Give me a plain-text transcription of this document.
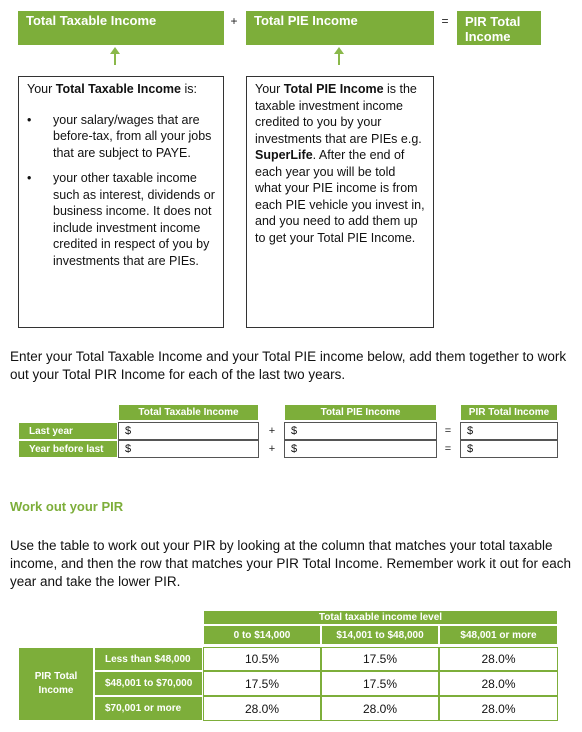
Total Taxable Income	+	Total PIE Income	=	PIR Total Income
Your Total Taxable Income is:
• your salary/wages that are before-tax, from all your jobs that are subject to PAYE.
• your other taxable income such as interest, dividends or business income. It does not include investment income credited in respect of you by investments that are PIEs.
Your Total PIE Income is the taxable investment income credited to you by your investments that are PIEs e.g. SuperLife. After the end of each year you will be told what your PIE income is from each PIE vehicle you invest in, and you need to add them up to get your Total PIE Income.
Enter your Total Taxable Income and your Total PIE income below, add them together to work out your Total PIR Income for each of the last two years.
Total Taxable Income	Total PIE Income	PIR Total Income
Last year	$	+	$	=	$
Year before last	$	+	$	=	$
Work out your PIR
Use the table to work out your PIR by looking at the column that matches your total taxable income, and then the row that matches your PIR Total Income. Remember work it out for each year and take the lower PIR.
Total taxable income level
0 to $14,000	$14,001 to $48,000	$48,001 or more
PIR Total Income
Less than $48,000	10.5%	17.5%	28.0%
$48,001 to $70,000	17.5%	17.5%	28.0%
$70,001 or more	28.0%	28.0%	28.0%
